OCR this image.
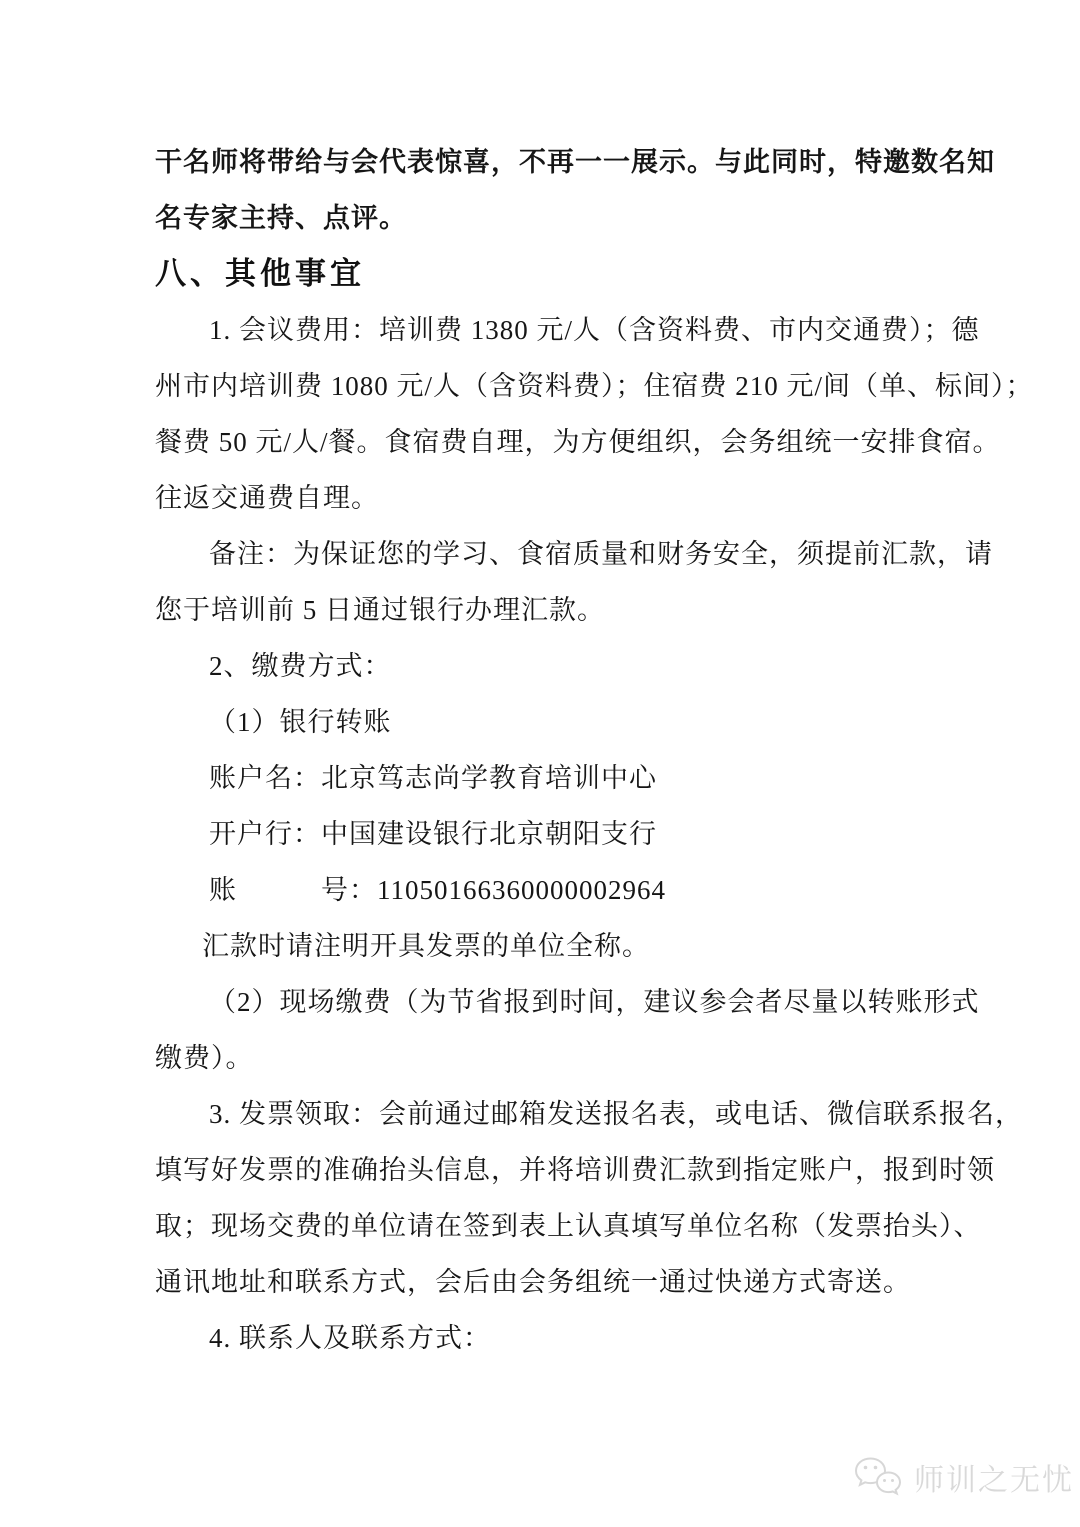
干名师将带给与会代表惊喜，不再一一展示。与此同时，特邀数名知
名专家主持、点评。
八、其他事宜
1. 会议费用：培训费 1380 元/人（含资料费、市内交通费）；德
州市内培训费 1080 元/人（含资料费）；住宿费 210 元/间（单、标间）；
餐费 50 元/人/餐。食宿费自理，为方便组织，会务组统一安排食宿。
往返交通费自理。
备注：为保证您的学习、食宿质量和财务安全，须提前汇款，请
您于培训前 5 日通过银行办理汇款。
2、缴费方式：
（1）银行转账
账户名：北京笃志尚学教育培训中心
开户行：中国建设银行北京朝阳支行
账　　　号：11050166360000002964
汇款时请注明开具发票的单位全称。
（2）现场缴费（为节省报到时间，建议参会者尽量以转账形式
缴费）。
3. 发票领取：会前通过邮箱发送报名表，或电话、微信联系报名，
填写好发票的准确抬头信息，并将培训费汇款到指定账户，报到时领
取；现场交费的单位请在签到表上认真填写单位名称（发票抬头）、
通讯地址和联系方式，会后由会务组统一通过快递方式寄送。
4. 联系人及联系方式：
师训之无忧
